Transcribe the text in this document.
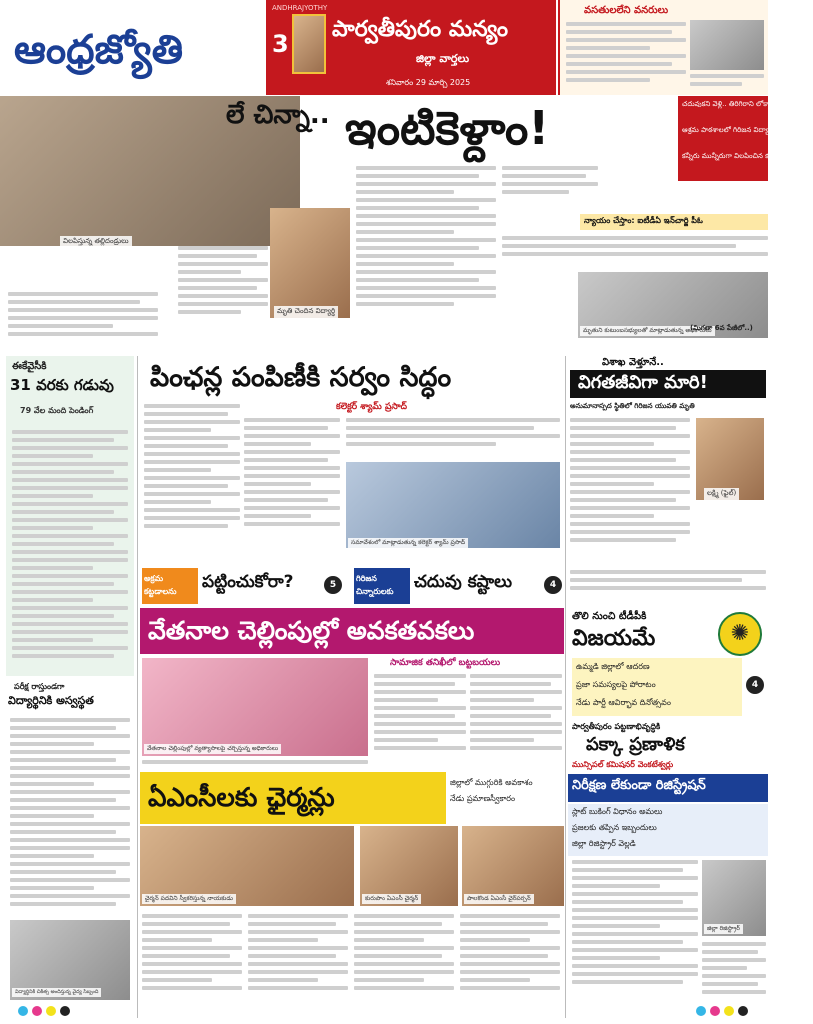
ఆంధ్రజ్యోతి
ANDHRAJYOTHY
3
పార్వతీపురం మన్యం
జిల్లా వార్తలు
శనివారం 29 మార్చి 2025
వసతులలేని వనరులు
విలపిస్తున్న తల్లిదండ్రులు
లే చిన్నా.. ఇంటికెళ్దాం!	చదువుకని వెళ్లి.. తిరిగిరాని లోకాలకు
ఆశ్రమ పాఠశాలలో గిరిజన విద్యార్థి మృతి
కన్నీరు మున్నీరుగా విలపించిన కుటుంబ సభ్యులు
మృతి చెందిన విద్యార్థి
న్యాయం చేస్తాం: ఐటీడీఏ ఇన్‌చార్జి పీఓ
మృతుని కుటుంబసభ్యులతో మాట్లాడుతున్న అధికారులు
(మిగతా 6వ పేజీలో..)
ఈకేవైసీకి
31 వరకు గడువు
79 వేల మంది పెండింగ్
పింఛన్ల పంపిణీకి సర్వం సిద్ధం
కలెక్టర్ శ్యామ్ ప్రసాద్
సమావేశంలో మాట్లాడుతున్న కలెక్టర్ శ్యామ్ ప్రసాద్
విశాఖ వెళ్తూనే..
విగతజీవిగా మారి!
అనుమానాస్పద స్థితిలో గిరిజన యువతి మృతి
లక్ష్మి (ఫైల్)
అక్రమ కట్టడాలను	పట్టించుకోరా?	5
గిరిజన చిన్నారులకు	చదువు కష్టాలు	4
వేతనాల చెల్లింపుల్లో అవకతవకలు
సామాజిక తనిఖీలో బట్టబయలు
వేతనాల చెల్లింపుల్లో వ్యత్యాసాలపై చర్చిస్తున్న అధికారులు
తొలి నుంచి టీడీపీకి
విజయమే	✺
ఉమ్మడి జిల్లాలో ఆదరణ
ప్రజా సమస్యలపై పోరాటం
నేడు పార్టీ ఆవిర్భావ దినోత్సవం
4
పరీక్ష రాస్తుండగా
విద్యార్థినికి అస్వస్థత
విద్యార్థినికి చికిత్స అందిస్తున్న వైద్య సిబ్బంది
పార్వతీపురం పట్టణాభివృద్ధికి
పక్కా ప్రణాళిక
మున్సిపల్ కమిషనర్ వెంకటేశ్వర్లు
ఏఎంసీలకు ఛైర్మన్లు
జిల్లాలో ముగ్గురికి అవకాశం
నేడు ప్రమాణస్వీకారం
చైర్మన్ పదవిని స్వీకరిస్తున్న నాయకుడు	కురుపాం ఏఎంసీ చైర్మన్	పాలకొండ ఏఎంసీ చైర్‌పర్సన్
నిరీక్షణ లేకుండా రిజిస్ట్రేషన్
స్లాట్ బుకింగ్ విధానం అమలు
ప్రజలకు తప్పిన ఇబ్బందులు
జిల్లా రిజిస్ట్రార్ వెల్లడి
జిల్లా రిజిస్ట్రార్
